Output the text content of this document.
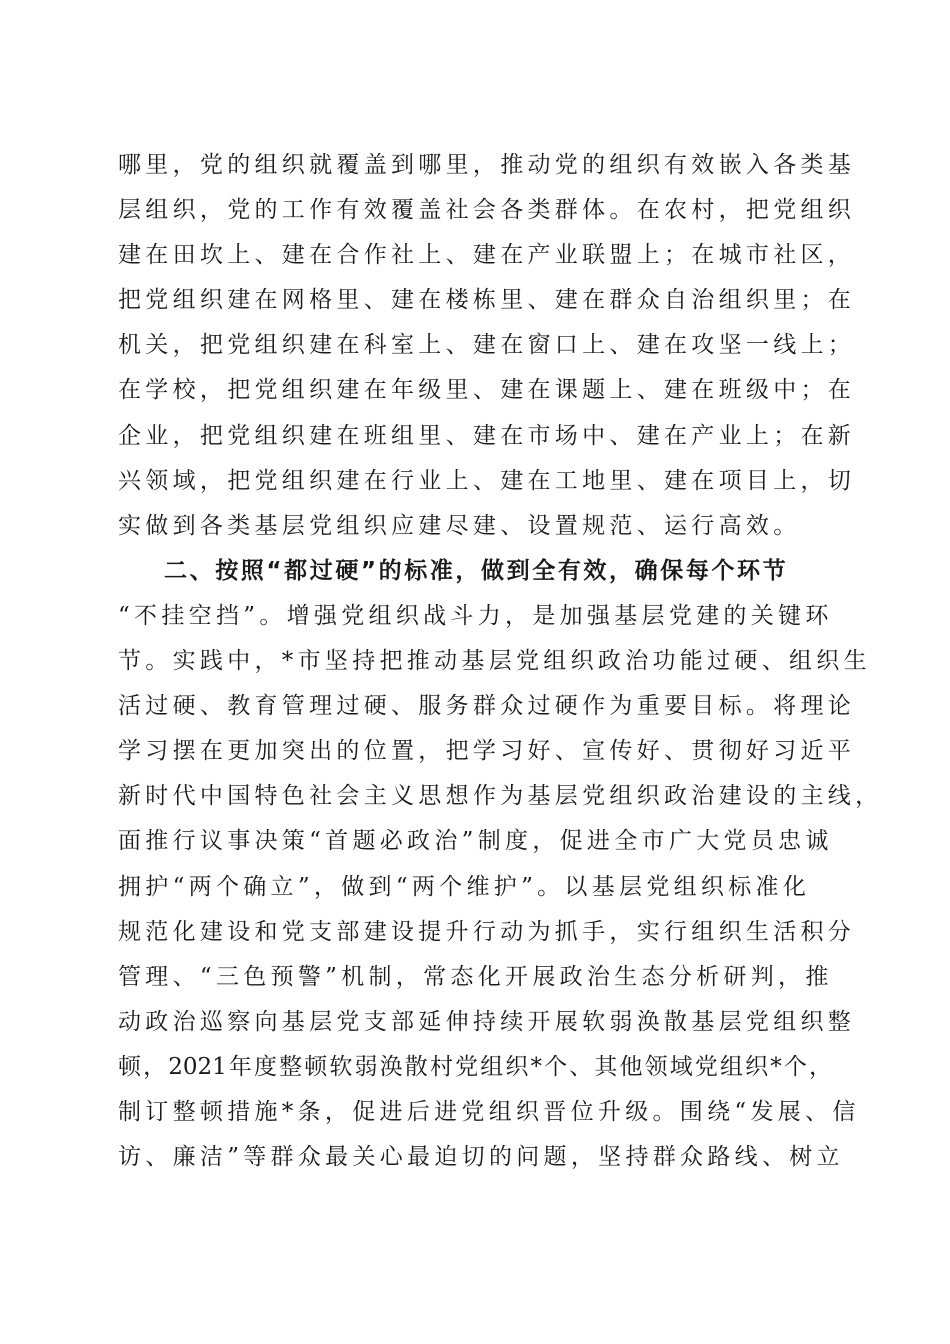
哪里，党的组织就覆盖到哪里，推动党的组织有效嵌入各类基
层组织，党的工作有效覆盖社会各类群体。在农村，把党组织
建在田坎上、建在合作社上、建在产业联盟上；在城市社区，
把党组织建在网格里、建在楼栋里、建在群众自治组织里；在
机关，把党组织建在科室上、建在窗口上、建在攻坚一线上；
在学校，把党组织建在年级里、建在课题上、建在班级中；在
企业，把党组织建在班组里、建在市场中、建在产业上；在新
兴领域，把党组织建在行业上、建在工地里、建在项目上，切
实做到各类基层党组织应建尽建、设置规范、运行高效。
二、按照“都过硬”的标准，做到全有效，确保每个环节
“不挂空挡”。增强党组织战斗力，是加强基层党建的关键环
节。实践中，*市坚持把推动基层党组织政治功能过硬、组织生
活过硬、教育管理过硬、服务群众过硬作为重要目标。将理论
学习摆在更加突出的位置，把学习好、宣传好、贯彻好习近平
新时代中国特色社会主义思想作为基层党组织政治建设的主线，
面推行议事决策“首题必政治”制度，促进全市广大党员忠诚
拥护“两个确立”，做到“两个维护”。以基层党组织标准化
规范化建设和党支部建设提升行动为抓手，实行组织生活积分
管理、“三色预警”机制，常态化开展政治生态分析研判，推
动政治巡察向基层党支部延伸持续开展软弱涣散基层党组织整
顿，2021年度整顿软弱涣散村党组织*个、其他领域党组织*个，
制订整顿措施*条，促进后进党组织晋位升级。围绕“发展、信
访、廉洁”等群众最关心最迫切的问题，坚持群众路线、树立
